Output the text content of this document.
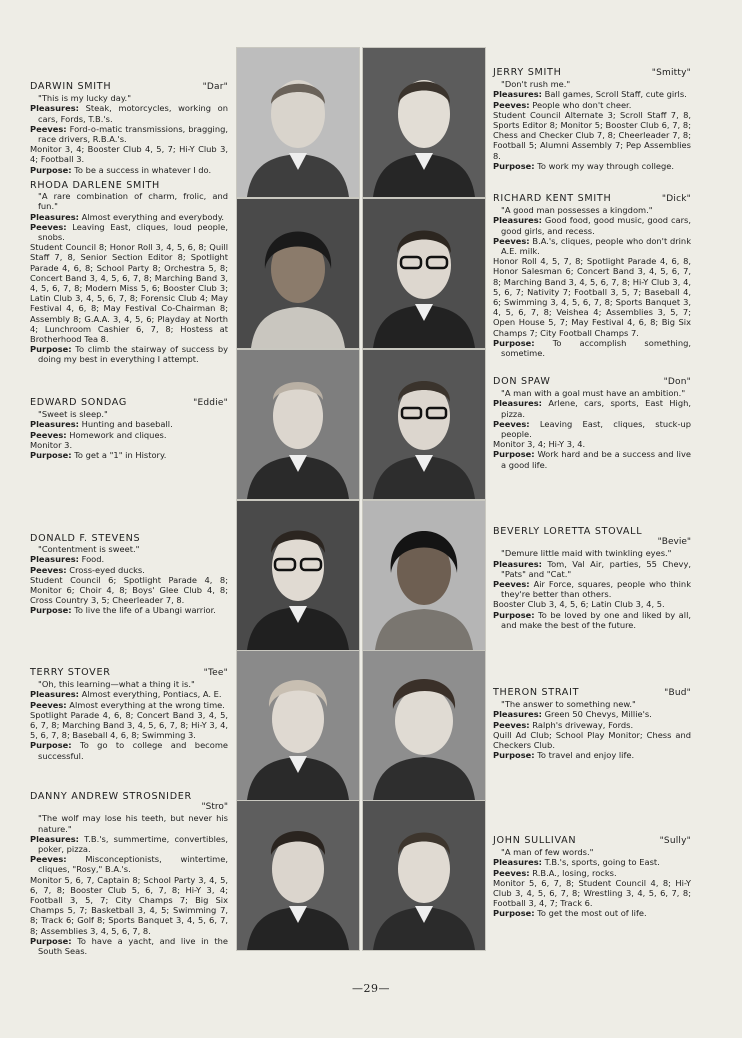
DARWIN SMITH	"Dar"

"This is my lucky day."

Pleasures: Steak, motorcycles, working on cars, Fords, T.B.'s.

Peeves: Ford-o-matic transmissions, bragging, race drivers, R.B.A.'s.

Monitor 3, 4; Booster Club 4, 5, 7; Hi-Y Club 3, 4; Football 3.

Purpose: To be a success in whatever I do.

RHODA DARLENE SMITH

"A rare combination of charm, frolic, and fun."

Pleasures: Almost everything and everybody.

Peeves: Leaving East, cliques, loud people, snobs.

Student Council 8; Honor Roll 3, 4, 5, 6, 8; Quill Staff 7, 8, Senior Section Editor 8; Spotlight Parade 4, 6, 8; School Party 8; Orchestra 5, 8; Concert Band 3, 4, 5, 6, 7, 8; Marching Band 3, 4, 5, 6, 7, 8; Modern Miss 5, 6; Booster Club 3; Latin Club 3, 4, 5, 6, 7, 8; Forensic Club 4; May Festival 4, 6, 8; May Festival Co-Chairman 8; Assembly 8; G.A.A. 3, 4, 5, 6; Playday at North 4; Lunchroom Cashier 6, 7, 8; Hostess at Brotherhood Tea 8.

Purpose: To climb the stairway of success by doing my best in everything I attempt.

EDWARD SONDAG	"Eddie"

"Sweet is sleep."

Pleasures: Hunting and baseball.

Peeves: Homework and cliques.

Monitor 3.

Purpose: To get a "1" in History.

DONALD F. STEVENS

"Contentment is sweet."

Pleasures: Food.

Peeves: Cross-eyed ducks.

Student Council 6; Spotlight Parade 4, 8; Monitor 6; Choir 4, 8; Boys' Glee Club 4, 8; Cross Country 3, 5; Cheerleader 7, 8.

Purpose: To live the life of a Ubangi warrior.

TERRY STOVER	"Tee"

"Oh, this learning—what a thing it is."

Pleasures: Almost everything, Pontiacs, A. E.

Peeves: Almost everything at the wrong time.

Spotlight Parade 4, 6, 8; Concert Band 3, 4, 5, 6, 7, 8; Marching Band 3, 4, 5, 6, 7, 8; Hi-Y 3, 4, 5, 6, 7, 8; Baseball 4, 6, 8; Swimming 3.

Purpose: To go to college and become successful.

DANNY ANDREW STROSNIDER
"Stro"

"The wolf may lose his teeth, but never his nature."

Pleasures: T.B.'s, summertime, convertibles, poker, pizza.

Peeves: Misconceptionists, wintertime, cliques, "Rosy," B.A.'s.

Monitor 5, 6, 7, Captain 8; School Party 3, 4, 5, 6, 7, 8; Booster Club 5, 6, 7, 8; Hi-Y 3, 4; Football 3, 5, 7; City Champs 7; Big Six Champs 5, 7; Basketball 3, 4, 5; Swimming 7, 8; Track 6; Golf 8; Sports Banquet 3, 4, 5, 6, 7, 8; Assemblies 3, 4, 5, 6, 7, 8.

Purpose: To have a yacht, and live in the South Seas.

JERRY SMITH	"Smitty"

"Don't rush me."

Pleasures: Ball games, Scroll Staff, cute girls.

Peeves: People who don't cheer.

Student Council Alternate 3; Scroll Staff 7, 8, Sports Editor 8; Monitor 5; Booster Club 6, 7, 8; Chess and Checker Club 7, 8; Cheerleader 7, 8; Football 5; Alumni Assembly 7; Pep Assemblies 8.

Purpose: To work my way through college.

RICHARD KENT SMITH	"Dick"

"A good man possesses a kingdom."

Pleasures: Good food, good music, good cars, good girls, and recess.

Peeves: B.A.'s, cliques, people who don't drink A.E. milk.

Honor Roll 4, 5, 7, 8; Spotlight Parade 4, 6, 8, Honor Salesman 6; Concert Band 3, 4, 5, 6, 7, 8; Marching Band 3, 4, 5, 6, 7, 8; Hi-Y Club 3, 4, 5, 6, 7; Nativity 7; Football 3, 5, 7; Baseball 4, 6; Swimming 3, 4, 5, 6, 7, 8; Sports Banquet 3, 4, 5, 6, 7, 8; Veishea 4; Assemblies 3, 5, 7; Open House 5, 7; May Festival 4, 6, 8; Big Six Champs 7; City Football Champs 7.

Purpose: To accomplish something, sometime.

DON SPAW	"Don"

"A man with a goal must have an ambition."

Pleasures: Arlene, cars, sports, East High, pizza.

Peeves: Leaving East, cliques, stuck-up people.

Monitor 3, 4; Hi-Y 3, 4.

Purpose: Work hard and be a success and live a good life.

BEVERLY LORETTA STOVALL
"Bevie"

"Demure little maid with twinkling eyes."

Pleasures: Tom, Val Air, parties, 55 Chevy, "Pats" and "Cat."

Peeves: Air Force, squares, people who think they're better than others.

Booster Club 3, 4, 5, 6; Latin Club 3, 4, 5.

Purpose: To be loved by one and liked by all, and make the best of the future.

THERON STRAIT	"Bud"

"The answer to something new."

Pleasures: Green 50 Chevys, Millie's.

Peeves: Ralph's driveway, Fords.

Quill Ad Club; School Play Monitor; Chess and Checkers Club.

Purpose: To travel and enjoy life.

JOHN SULLIVAN	"Sully"

"A man of few words."

Pleasures: T.B.'s, sports, going to East.

Peeves: R.B.A., losing, rocks.

Monitor 5, 6, 7, 8; Student Council 4, 8; Hi-Y Club 3, 4, 5, 6, 7, 8; Wrestling 3, 4, 5, 6, 7, 8; Football 3, 4, 7; Track 6.

Purpose: To get the most out of life.

—29—
